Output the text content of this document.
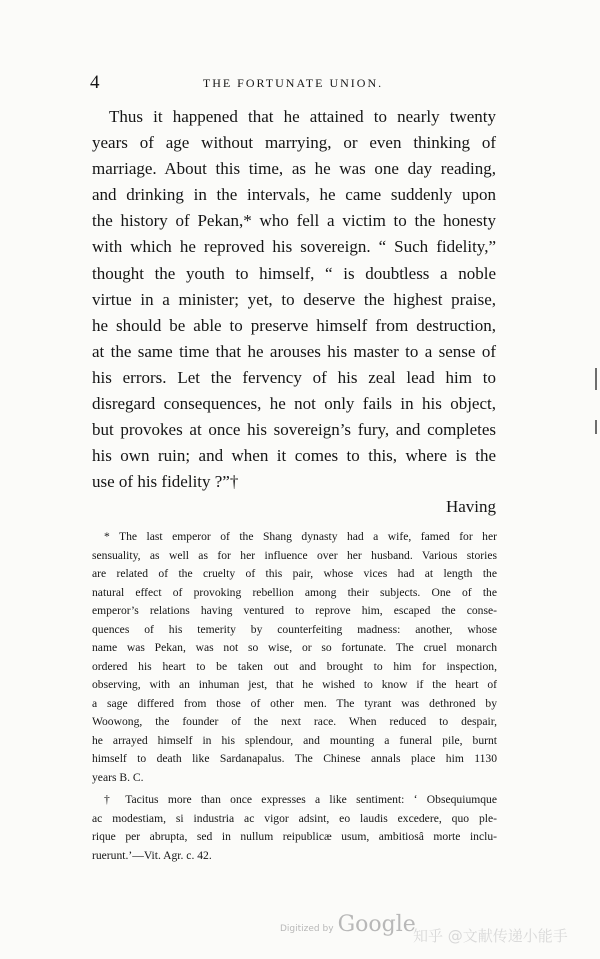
4	THE FORTUNATE UNION.
Thus it happened that he attained to nearly twenty
years of age without marrying, or even thinking of
marriage. About this time, as he was one day reading,
and drinking in the intervals, he came suddenly upon
the history of Pekan,* who fell a victim to the honesty
with which he reproved his sovereign. “ Such fidelity,”
thought the youth to himself, “ is doubtless a noble
virtue in a minister; yet, to deserve the highest praise,
he should be able to preserve himself from destruction,
at the same time that he arouses his master to a sense of
his errors. Let the fervency of his zeal lead him to
disregard consequences, he not only fails in his object,
but provokes at once his sovereign’s fury, and completes
his own ruin; and when it comes to this, where is the
use of his fidelity ?”†
Having
* The last emperor of the Shang dynasty had a wife, famed for her
sensuality, as well as for her influence over her husband. Various stories
are related of the cruelty of this pair, whose vices had at length the
natural effect of provoking rebellion among their subjects. One of the
emperor’s relations having ventured to reprove him, escaped the conse-
quences of his temerity by counterfeiting madness: another, whose
name was Pekan, was not so wise, or so fortunate. The cruel monarch
ordered his heart to be taken out and brought to him for inspection,
observing, with an inhuman jest, that he wished to know if the heart of
a sage differed from those of other men. The tyrant was dethroned by
Woowong, the founder of the next race. When reduced to despair,
he arrayed himself in his splendour, and mounting a funeral pile, burnt
himself to death like Sardanapalus. The Chinese annals place him 1130
years B. C.
† Tacitus more than once expresses a like sentiment: ‘ Obsequiumque
ac modestiam, si industria ac vigor adsint, eo laudis excedere, quo ple-
rique per abrupta, sed in nullum reipublicæ usum, ambitiosâ morte inclu-
ruerunt.’—Vit. Agr. c. 42.
Digitized by Google
知乎 @文献传递小能手
